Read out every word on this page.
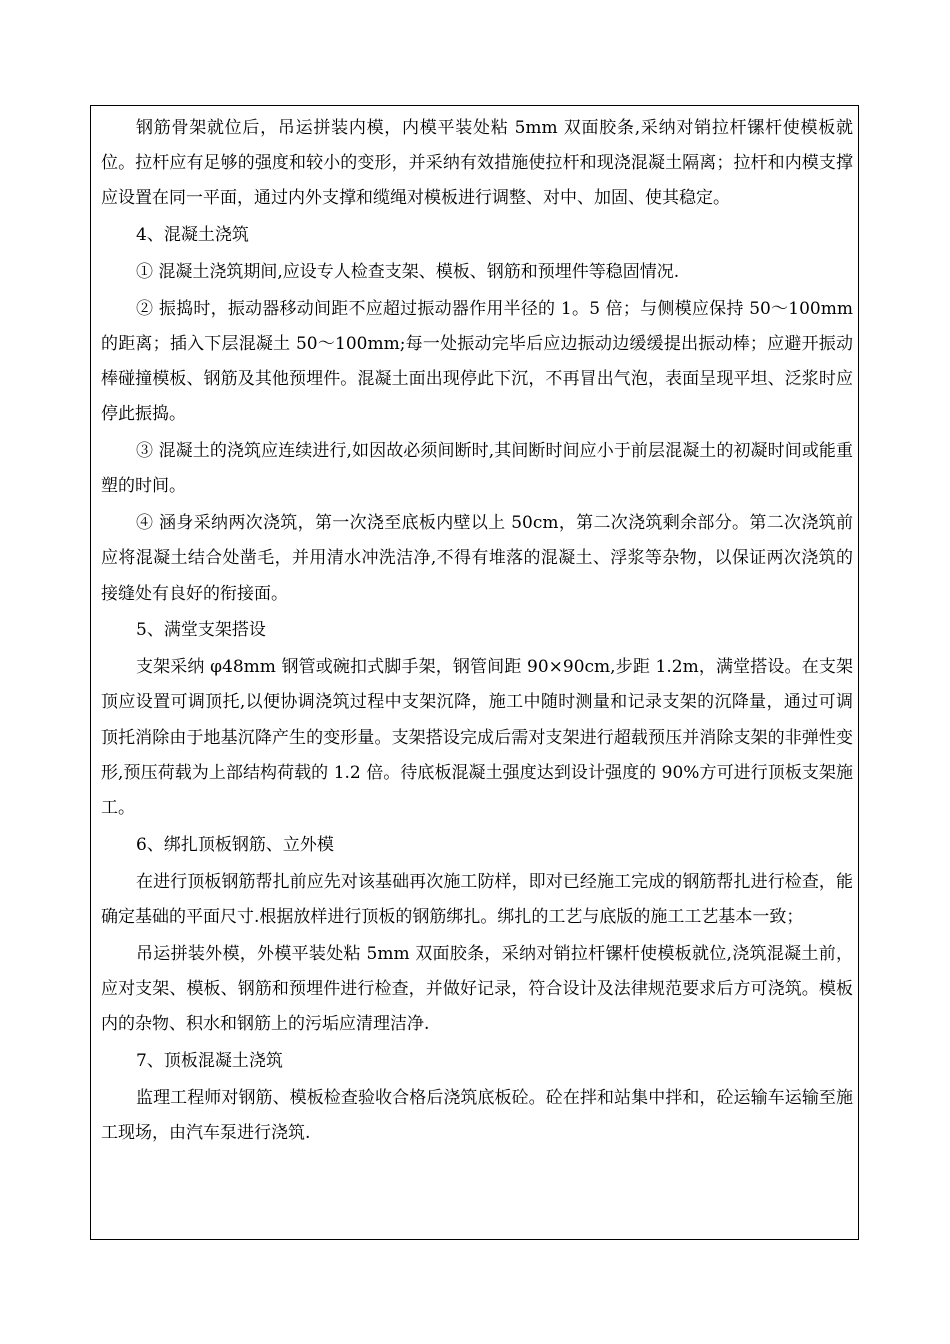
钢筋骨架就位后，吊运拼装内模，内模平装处粘 5mm 双面胶条,采纳对销拉杆镙杆使模板就位。拉杆应有足够的强度和较小的变形，并采纳有效措施使拉杆和现浇混凝土隔离；拉杆和内模支撑应设置在同一平面，通过内外支撑和缆绳对模板进行调整、对中、加固、使其稳定。

4、混凝土浇筑

① 混凝土浇筑期间,应设专人检查支架、模板、钢筋和预埋件等稳固情况.

② 振捣时，振动器移动间距不应超过振动器作用半径的 1。5 倍；与侧模应保持 50～100mm 的距离；插入下层混凝土 50～100mm;每一处振动完毕后应边振动边缓缓提出振动棒；应避开振动棒碰撞模板、钢筋及其他预埋件。混凝土面出现停此下沉，不再冒出气泡，表面呈现平坦、泛浆时应停此振捣。

③ 混凝土的浇筑应连续进行,如因故必须间断时,其间断时间应小于前层混凝土的初凝时间或能重塑的时间。

④ 涵身采纳两次浇筑，第一次浇至底板内壁以上 50cm，第二次浇筑剩余部分。第二次浇筑前应将混凝土结合处凿毛，并用清水冲洗洁净,不得有堆落的混凝土、浮浆等杂物，以保证两次浇筑的接缝处有良好的衔接面。

5、满堂支架搭设

支架采纳 φ48mm 钢管或碗扣式脚手架，钢管间距 90×90cm,步距 1.2m，满堂搭设。在支架顶应设置可调顶托,以便协调浇筑过程中支架沉降，施工中随时测量和记录支架的沉降量，通过可调顶托消除由于地基沉降产生的变形量。支架搭设完成后需对支架进行超载预压并消除支架的非弹性变形,预压荷载为上部结构荷载的 1.2 倍。待底板混凝土强度达到设计强度的 90%方可进行顶板支架施工。

6、绑扎顶板钢筋、立外模

在进行顶板钢筋帮扎前应先对该基础再次施工防样，即对已经施工完成的钢筋帮扎进行检查，能确定基础的平面尺寸.根据放样进行顶板的钢筋绑扎。绑扎的工艺与底版的施工工艺基本一致；

吊运拼装外模，外模平装处粘 5mm 双面胶条，采纳对销拉杆镙杆使模板就位,浇筑混凝土前，应对支架、模板、钢筋和预埋件进行检查，并做好记录，符合设计及法律规范要求后方可浇筑。模板内的杂物、积水和钢筋上的污垢应清理洁净.

7、顶板混凝土浇筑

监理工程师对钢筋、模板检查验收合格后浇筑底板砼。砼在拌和站集中拌和，砼运输车运输至施工现场，由汽车泵进行浇筑.
